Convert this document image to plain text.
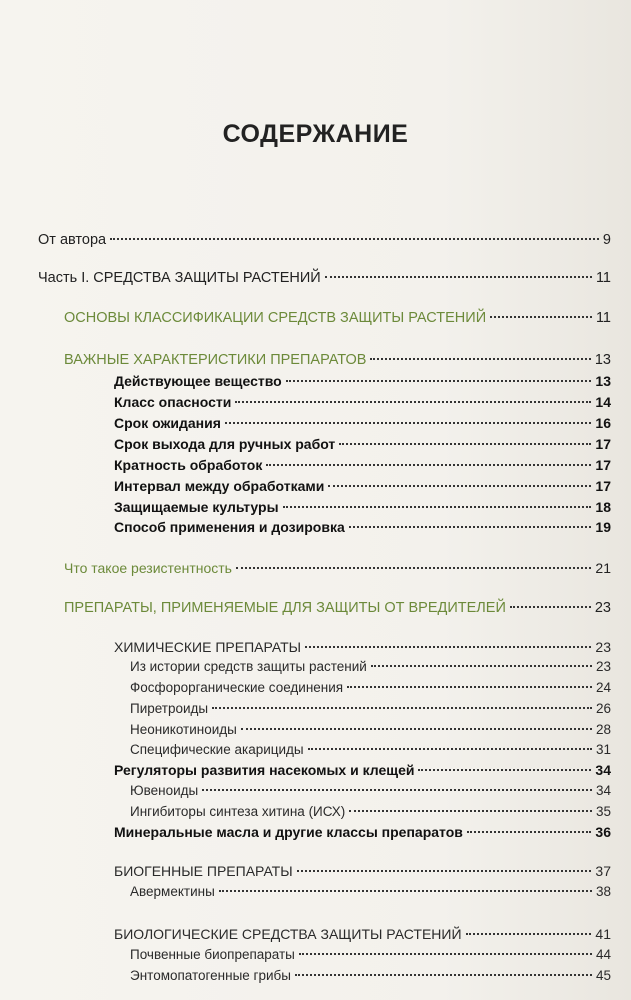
СОДЕРЖАНИЕ
От автора	9
Часть I. СРЕДСТВА ЗАЩИТЫ РАСТЕНИЙ	11
ОСНОВЫ КЛАССИФИКАЦИИ СРЕДСТВ ЗАЩИТЫ РАСТЕНИЙ	11
ВАЖНЫЕ ХАРАКТЕРИСТИКИ ПРЕПАРАТОВ	13
Действующее вещество	13
Класс опасности	14
Срок ожидания	16
Срок выхода для ручных работ	17
Кратность обработок	17
Интервал между обработками	17
Защищаемые культуры	18
Способ применения и дозировка	19
Что такое резистентность	21
ПРЕПАРАТЫ, ПРИМЕНЯЕМЫЕ ДЛЯ ЗАЩИТЫ ОТ ВРЕДИТЕЛЕЙ	23
ХИМИЧЕСКИЕ ПРЕПАРАТЫ	23
Из истории средств защиты растений	23
Фосфорорганические соединения	24
Пиретроиды	26
Неоникотиноиды	28
Специфические акарициды	31
Регуляторы развития насекомых и клещей	34
Ювеноиды	34
Ингибиторы синтеза хитина (ИСХ)	35
Минеральные масла и другие классы препаратов	36
БИОГЕННЫЕ ПРЕПАРАТЫ	37
Авермектины	38
БИОЛОГИЧЕСКИЕ СРЕДСТВА ЗАЩИТЫ РАСТЕНИЙ	41
Почвенные биопрепараты	44
Энтомопатогенные грибы	45
